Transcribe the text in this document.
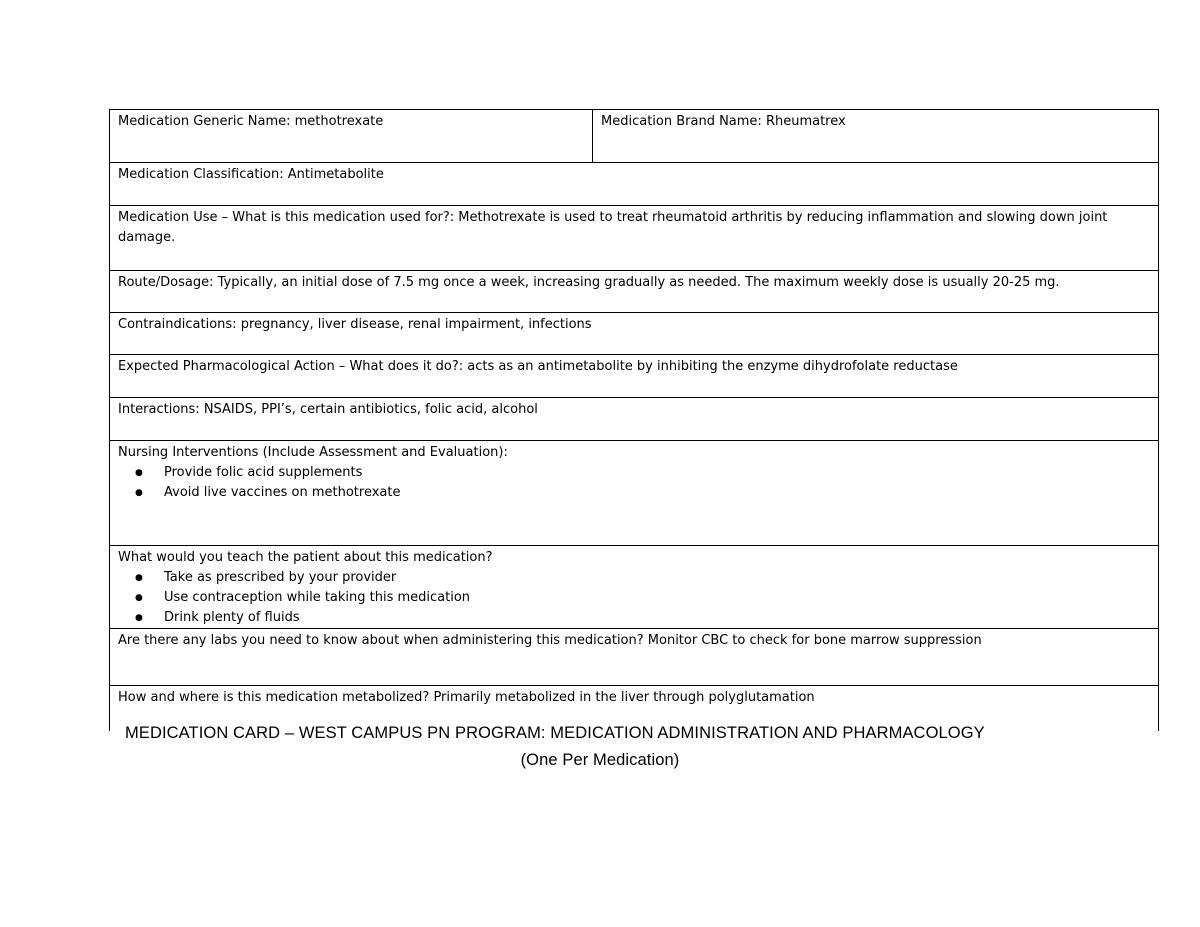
Medication Generic Name: methotrexate	Medication Brand Name: Rheumatrex
Medication Classification: Antimetabolite
Medication Use – What is this medication used for?: Methotrexate is used to treat rheumatoid arthritis by reducing inflammation and slowing down joint damage.
Route/Dosage: Typically, an initial dose of 7.5 mg once a week, increasing gradually as needed. The maximum weekly dose is usually 20-25 mg.
Contraindications: pregnancy, liver disease, renal impairment, infections
Expected Pharmacological Action – What does it do?: acts as an antimetabolite by inhibiting the enzyme dihydrofolate reductase
Interactions: NSAIDS, PPI’s, certain antibiotics, folic acid, alcohol

Nursing Interventions (Include Assessment and Evaluation):
● Provide folic acid supplements
● Avoid live vaccines on methotrexate

What would you teach the patient about this medication?
● Take as prescribed by your provider
● Use contraception while taking this medication
● Drink plenty of fluids

Are there any labs you need to know about when administering this medication? Monitor CBC to check for bone marrow suppression
How and where is this medication metabolized? Primarily metabolized in the liver through polyglutamation
MEDICATION CARD – WEST CAMPUS PN PROGRAM: MEDICATION ADMINISTRATION AND PHARMACOLOGY
(One Per Medication)
